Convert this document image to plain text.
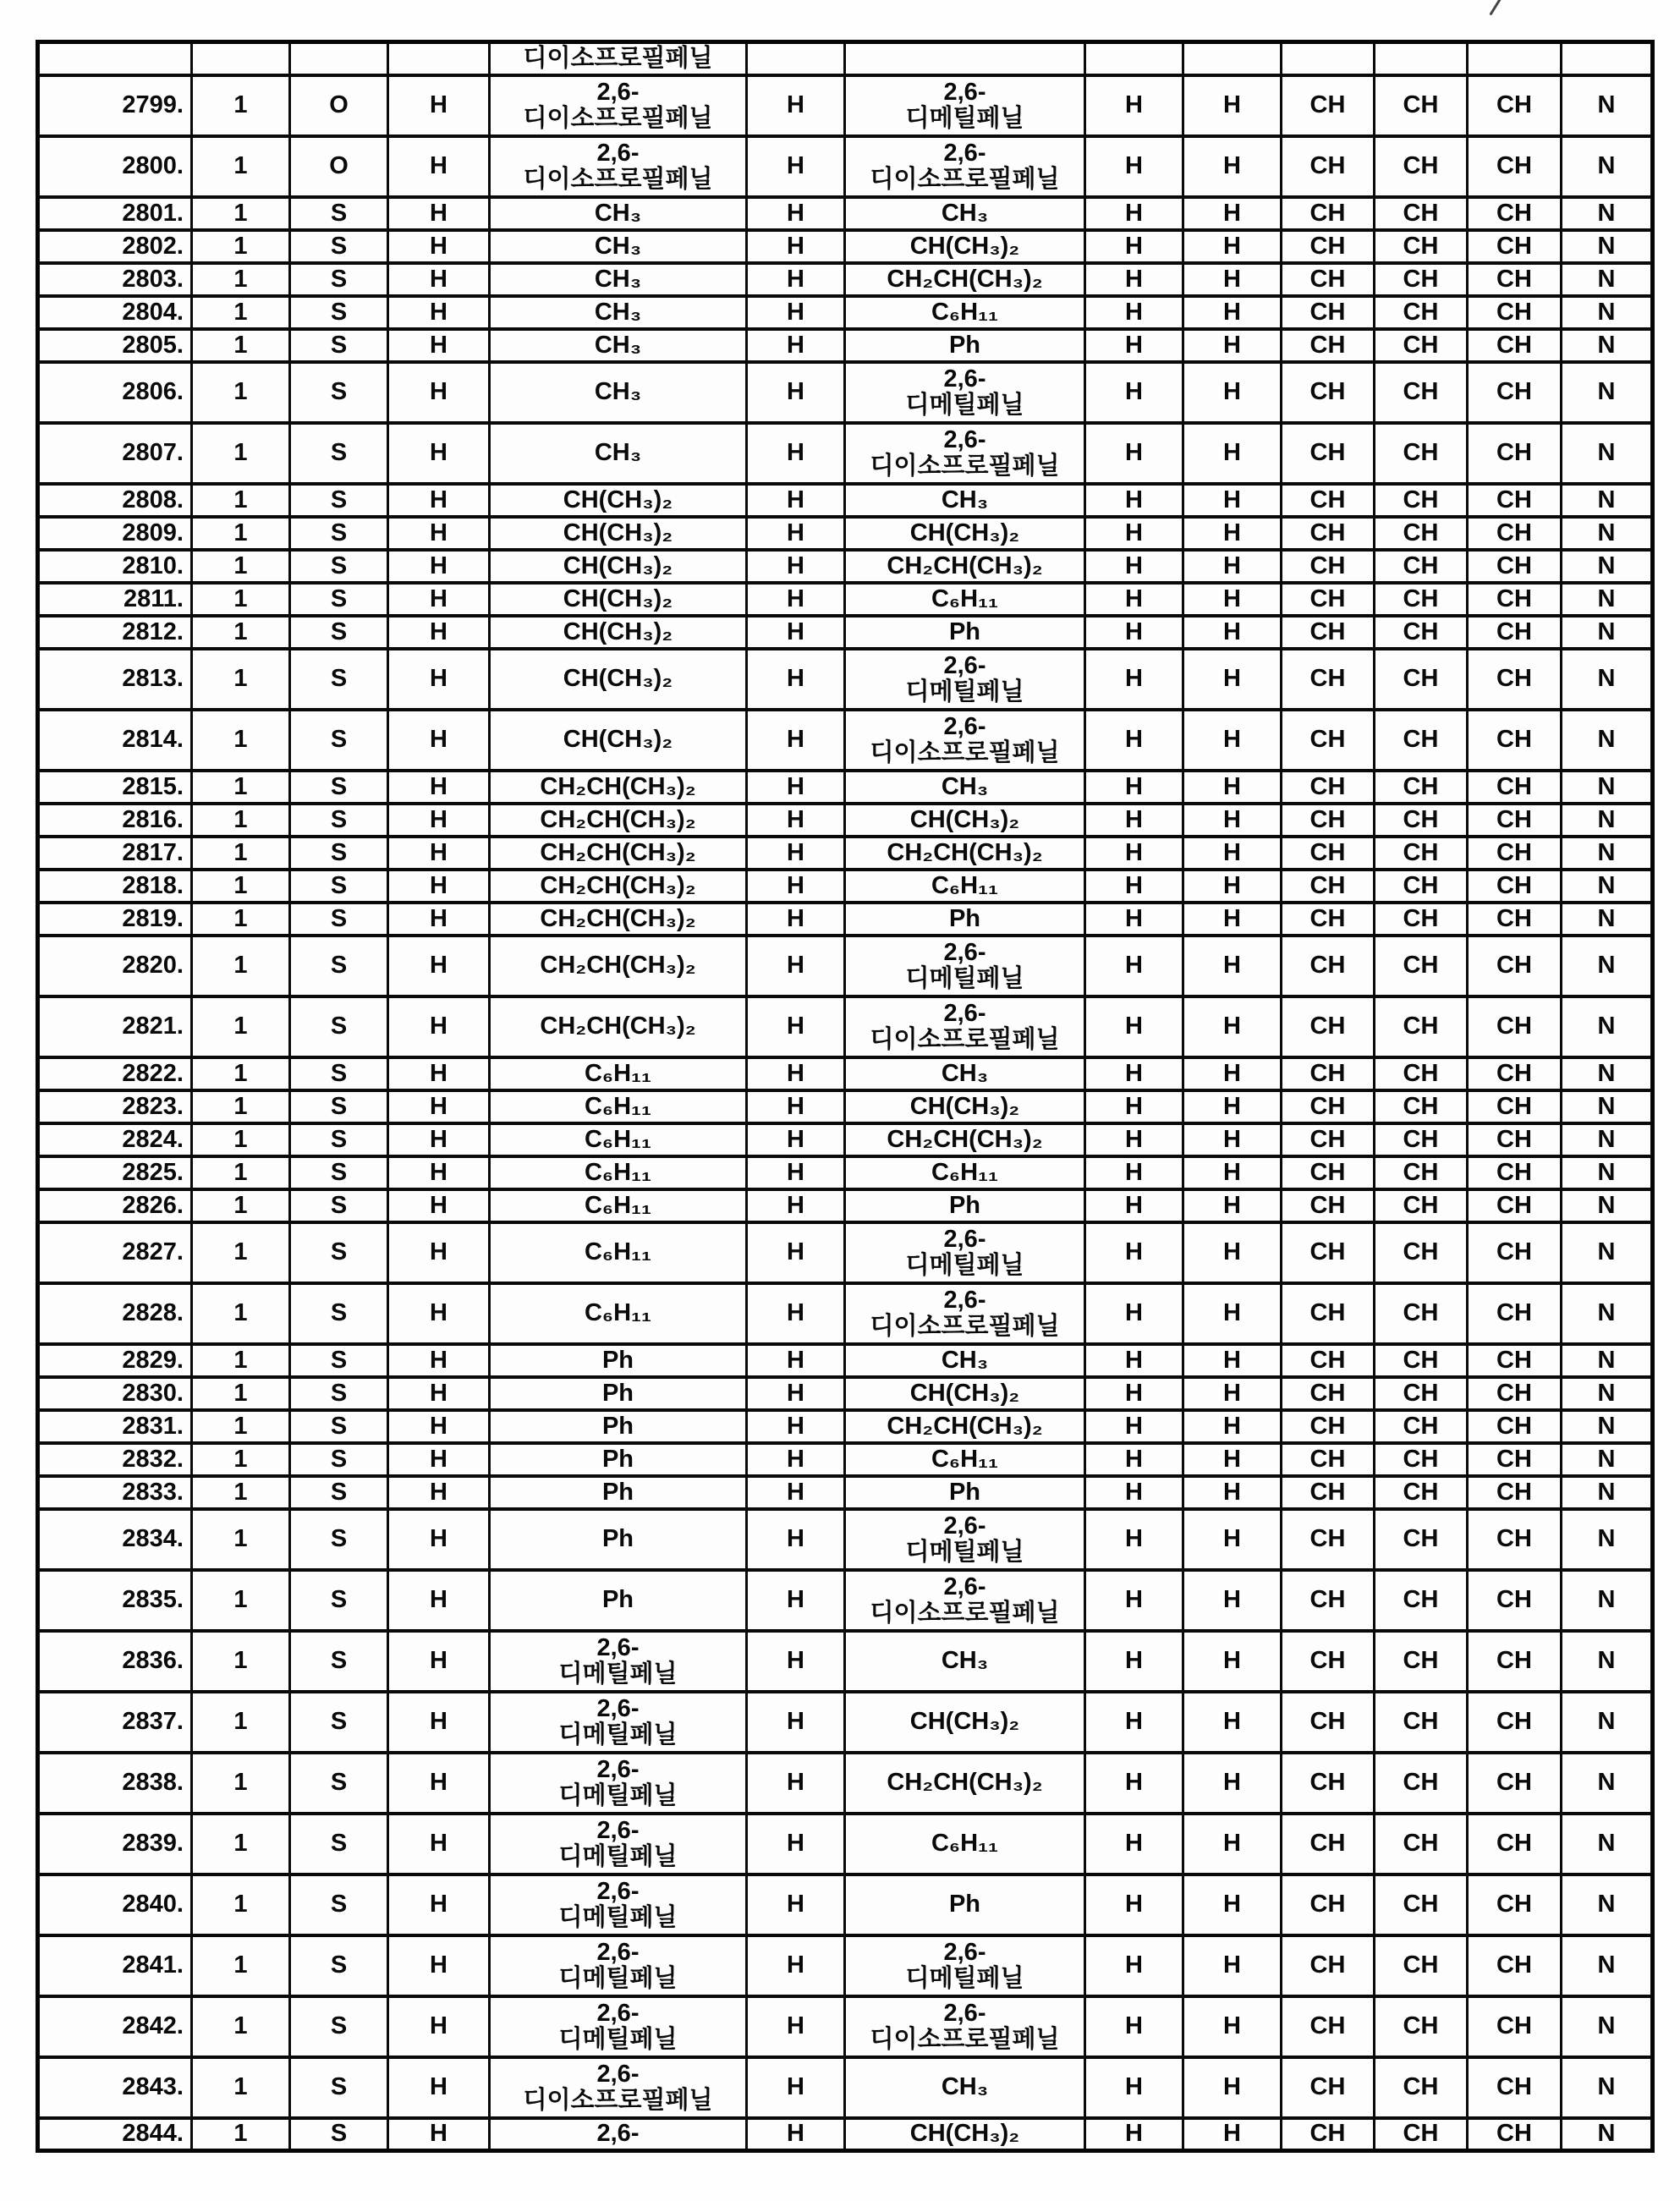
				디이소프로필페닐								
2799.	1	O	H	2,6-
디이소프로필페닐	H	2,6-
디메틸페닐	H	H	CH	CH	CH	N
2800.	1	O	H	2,6-
디이소프로필페닐	H	2,6-
디이소프로필페닐	H	H	CH	CH	CH	N
2801.	1	S	H	CH₃	H	CH₃	H	H	CH	CH	CH	N
2802.	1	S	H	CH₃	H	CH(CH₃)₂	H	H	CH	CH	CH	N
2803.	1	S	H	CH₃	H	CH₂CH(CH₃)₂	H	H	CH	CH	CH	N
2804.	1	S	H	CH₃	H	C₆H₁₁	H	H	CH	CH	CH	N
2805.	1	S	H	CH₃	H	Ph	H	H	CH	CH	CH	N
2806.	1	S	H	CH₃	H	2,6-
디메틸페닐	H	H	CH	CH	CH	N
2807.	1	S	H	CH₃	H	2,6-
디이소프로필페닐	H	H	CH	CH	CH	N
2808.	1	S	H	CH(CH₃)₂	H	CH₃	H	H	CH	CH	CH	N
2809.	1	S	H	CH(CH₃)₂	H	CH(CH₃)₂	H	H	CH	CH	CH	N
2810.	1	S	H	CH(CH₃)₂	H	CH₂CH(CH₃)₂	H	H	CH	CH	CH	N
2811.	1	S	H	CH(CH₃)₂	H	C₆H₁₁	H	H	CH	CH	CH	N
2812.	1	S	H	CH(CH₃)₂	H	Ph	H	H	CH	CH	CH	N
2813.	1	S	H	CH(CH₃)₂	H	2,6-
디메틸페닐	H	H	CH	CH	CH	N
2814.	1	S	H	CH(CH₃)₂	H	2,6-
디이소프로필페닐	H	H	CH	CH	CH	N
2815.	1	S	H	CH₂CH(CH₃)₂	H	CH₃	H	H	CH	CH	CH	N
2816.	1	S	H	CH₂CH(CH₃)₂	H	CH(CH₃)₂	H	H	CH	CH	CH	N
2817.	1	S	H	CH₂CH(CH₃)₂	H	CH₂CH(CH₃)₂	H	H	CH	CH	CH	N
2818.	1	S	H	CH₂CH(CH₃)₂	H	C₆H₁₁	H	H	CH	CH	CH	N
2819.	1	S	H	CH₂CH(CH₃)₂	H	Ph	H	H	CH	CH	CH	N
2820.	1	S	H	CH₂CH(CH₃)₂	H	2,6-
디메틸페닐	H	H	CH	CH	CH	N
2821.	1	S	H	CH₂CH(CH₃)₂	H	2,6-
디이소프로필페닐	H	H	CH	CH	CH	N
2822.	1	S	H	C₆H₁₁	H	CH₃	H	H	CH	CH	CH	N
2823.	1	S	H	C₆H₁₁	H	CH(CH₃)₂	H	H	CH	CH	CH	N
2824.	1	S	H	C₆H₁₁	H	CH₂CH(CH₃)₂	H	H	CH	CH	CH	N
2825.	1	S	H	C₆H₁₁	H	C₆H₁₁	H	H	CH	CH	CH	N
2826.	1	S	H	C₆H₁₁	H	Ph	H	H	CH	CH	CH	N
2827.	1	S	H	C₆H₁₁	H	2,6-
디메틸페닐	H	H	CH	CH	CH	N
2828.	1	S	H	C₆H₁₁	H	2,6-
디이소프로필페닐	H	H	CH	CH	CH	N
2829.	1	S	H	Ph	H	CH₃	H	H	CH	CH	CH	N
2830.	1	S	H	Ph	H	CH(CH₃)₂	H	H	CH	CH	CH	N
2831.	1	S	H	Ph	H	CH₂CH(CH₃)₂	H	H	CH	CH	CH	N
2832.	1	S	H	Ph	H	C₆H₁₁	H	H	CH	CH	CH	N
2833.	1	S	H	Ph	H	Ph	H	H	CH	CH	CH	N
2834.	1	S	H	Ph	H	2,6-
디메틸페닐	H	H	CH	CH	CH	N
2835.	1	S	H	Ph	H	2,6-
디이소프로필페닐	H	H	CH	CH	CH	N
2836.	1	S	H	2,6-
디메틸페닐	H	CH₃	H	H	CH	CH	CH	N
2837.	1	S	H	2,6-
디메틸페닐	H	CH(CH₃)₂	H	H	CH	CH	CH	N
2838.	1	S	H	2,6-
디메틸페닐	H	CH₂CH(CH₃)₂	H	H	CH	CH	CH	N
2839.	1	S	H	2,6-
디메틸페닐	H	C₆H₁₁	H	H	CH	CH	CH	N
2840.	1	S	H	2,6-
디메틸페닐	H	Ph	H	H	CH	CH	CH	N
2841.	1	S	H	2,6-
디메틸페닐	H	2,6-
디메틸페닐	H	H	CH	CH	CH	N
2842.	1	S	H	2,6-
디메틸페닐	H	2,6-
디이소프로필페닐	H	H	CH	CH	CH	N
2843.	1	S	H	2,6-
디이소프로필페닐	H	CH₃	H	H	CH	CH	CH	N
2844.	1	S	H	2,6-	H	CH(CH₃)₂	H	H	CH	CH	CH	N
